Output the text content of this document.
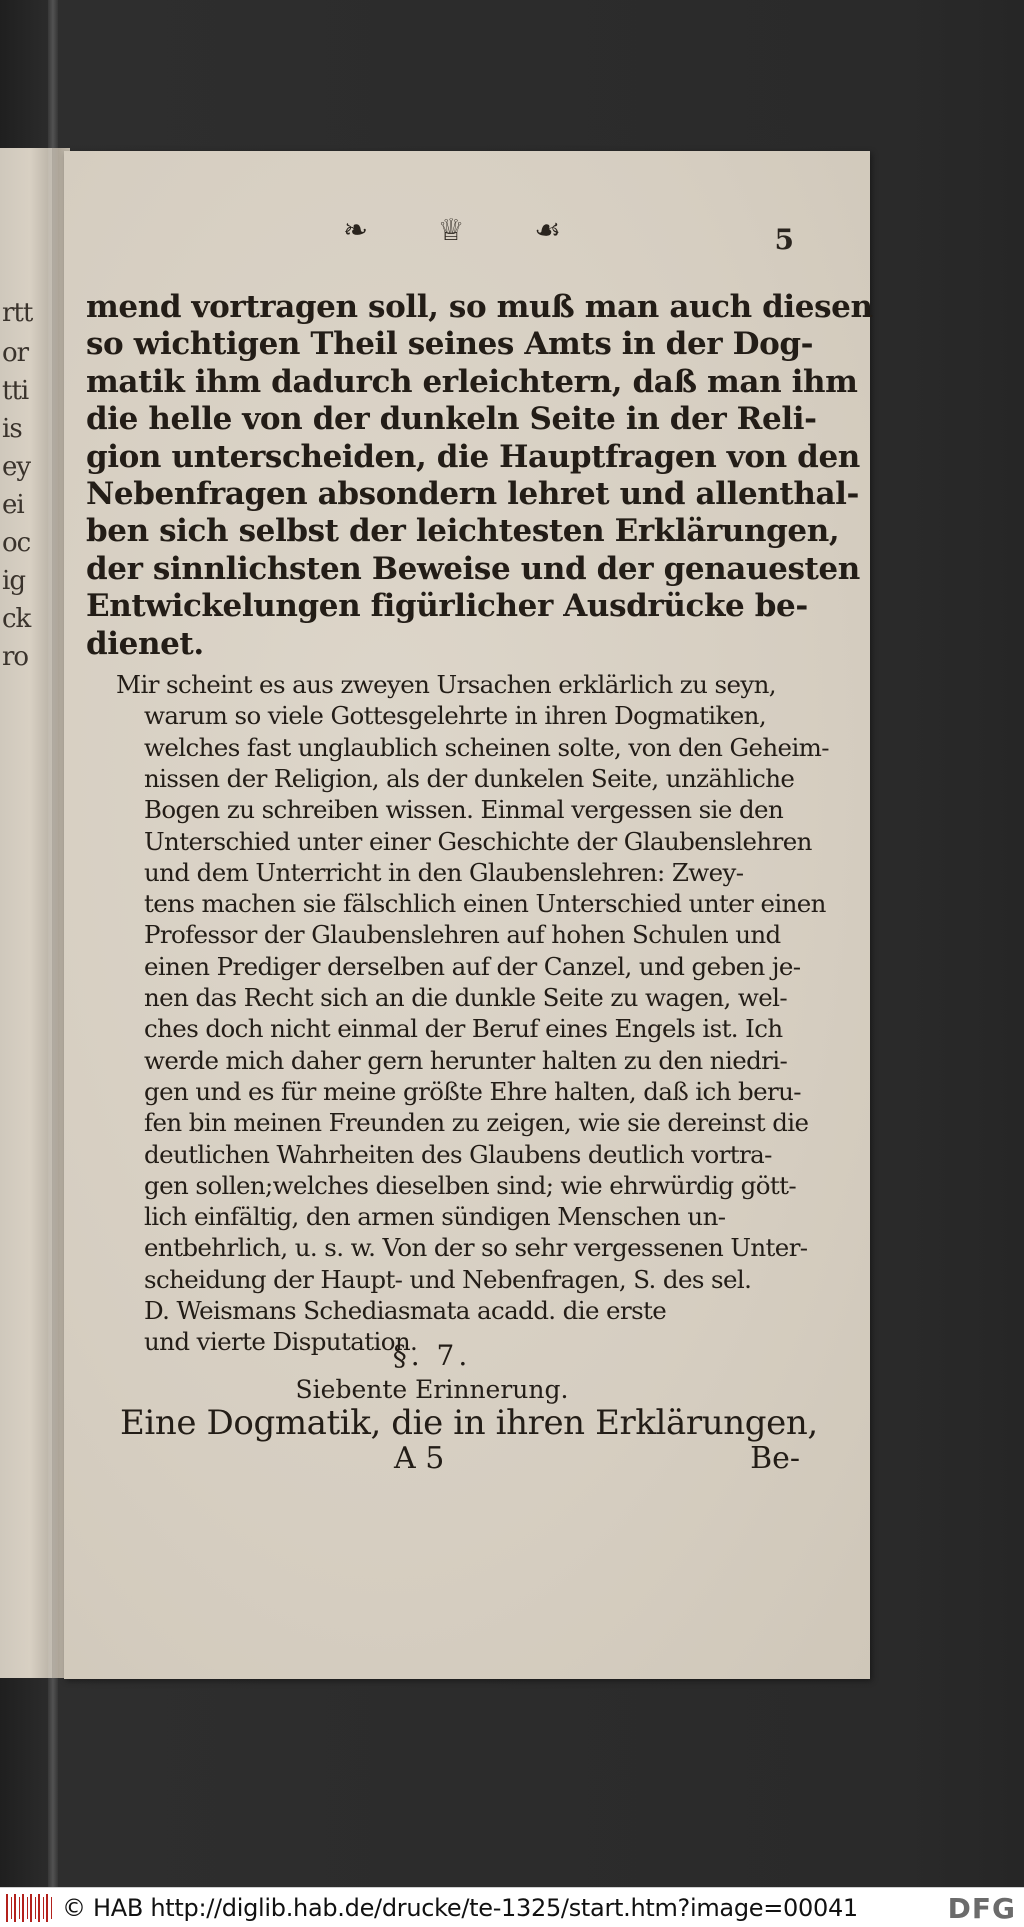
rtt
or
tti
is
ey
ei
oc
ig
ck
ro
❧ ♕ ☙	5
mend vortragen soll, so muß man auch diesen
so wichtigen Theil seines Amts in der Dog-
matik ihm dadurch erleichtern, daß man ihm
die helle von der dunkeln Seite in der Reli-
gion unterscheiden, die Hauptfragen von den
Nebenfragen absondern lehret und allenthal-
ben sich selbst der leichtesten Erklärungen,
der sinnlichsten Beweise und der genauesten
Entwickelungen figürlicher Ausdrücke be-
dienet.
Mir scheint es aus zweyen Ursachen erklärlich zu seyn,
warum so viele Gottesgelehrte in ihren Dogmatiken,
welches fast unglaublich scheinen solte, von den Geheim-
nissen der Religion, als der dunkelen Seite, unzähliche
Bogen zu schreiben wissen. Einmal vergessen sie den
Unterschied unter einer Geschichte der Glaubenslehren
und dem Unterricht in den Glaubenslehren: Zwey-
tens machen sie fälschlich einen Unterschied unter einen
Professor der Glaubenslehren auf hohen Schulen und
einen Prediger derselben auf der Canzel, und geben je-
nen das Recht sich an die dunkle Seite zu wagen, wel-
ches doch nicht einmal der Beruf eines Engels ist. Ich
werde mich daher gern herunter halten zu den niedri-
gen und es für meine größte Ehre halten, daß ich beru-
fen bin meinen Freunden zu zeigen, wie sie dereinst die
deutlichen Wahrheiten des Glaubens deutlich vortra-
gen sollen;welches dieselben sind; wie ehrwürdig gött-
lich einfältig, den armen sündigen Menschen un-
entbehrlich, u. s. w. Von der so sehr vergessenen Unter-
scheidung der Haupt- und Nebenfragen, S. des sel.
D. Weismans Schediasmata acadd. die erste
und vierte Disputation.
§. 7.
Siebente Erinnerung.
Eine Dogmatik, die in ihren Erklärungen,
A 5	Be-
© HAB http://diglib.hab.de/drucke/te-1325/start.htm?image=00041	DFG
